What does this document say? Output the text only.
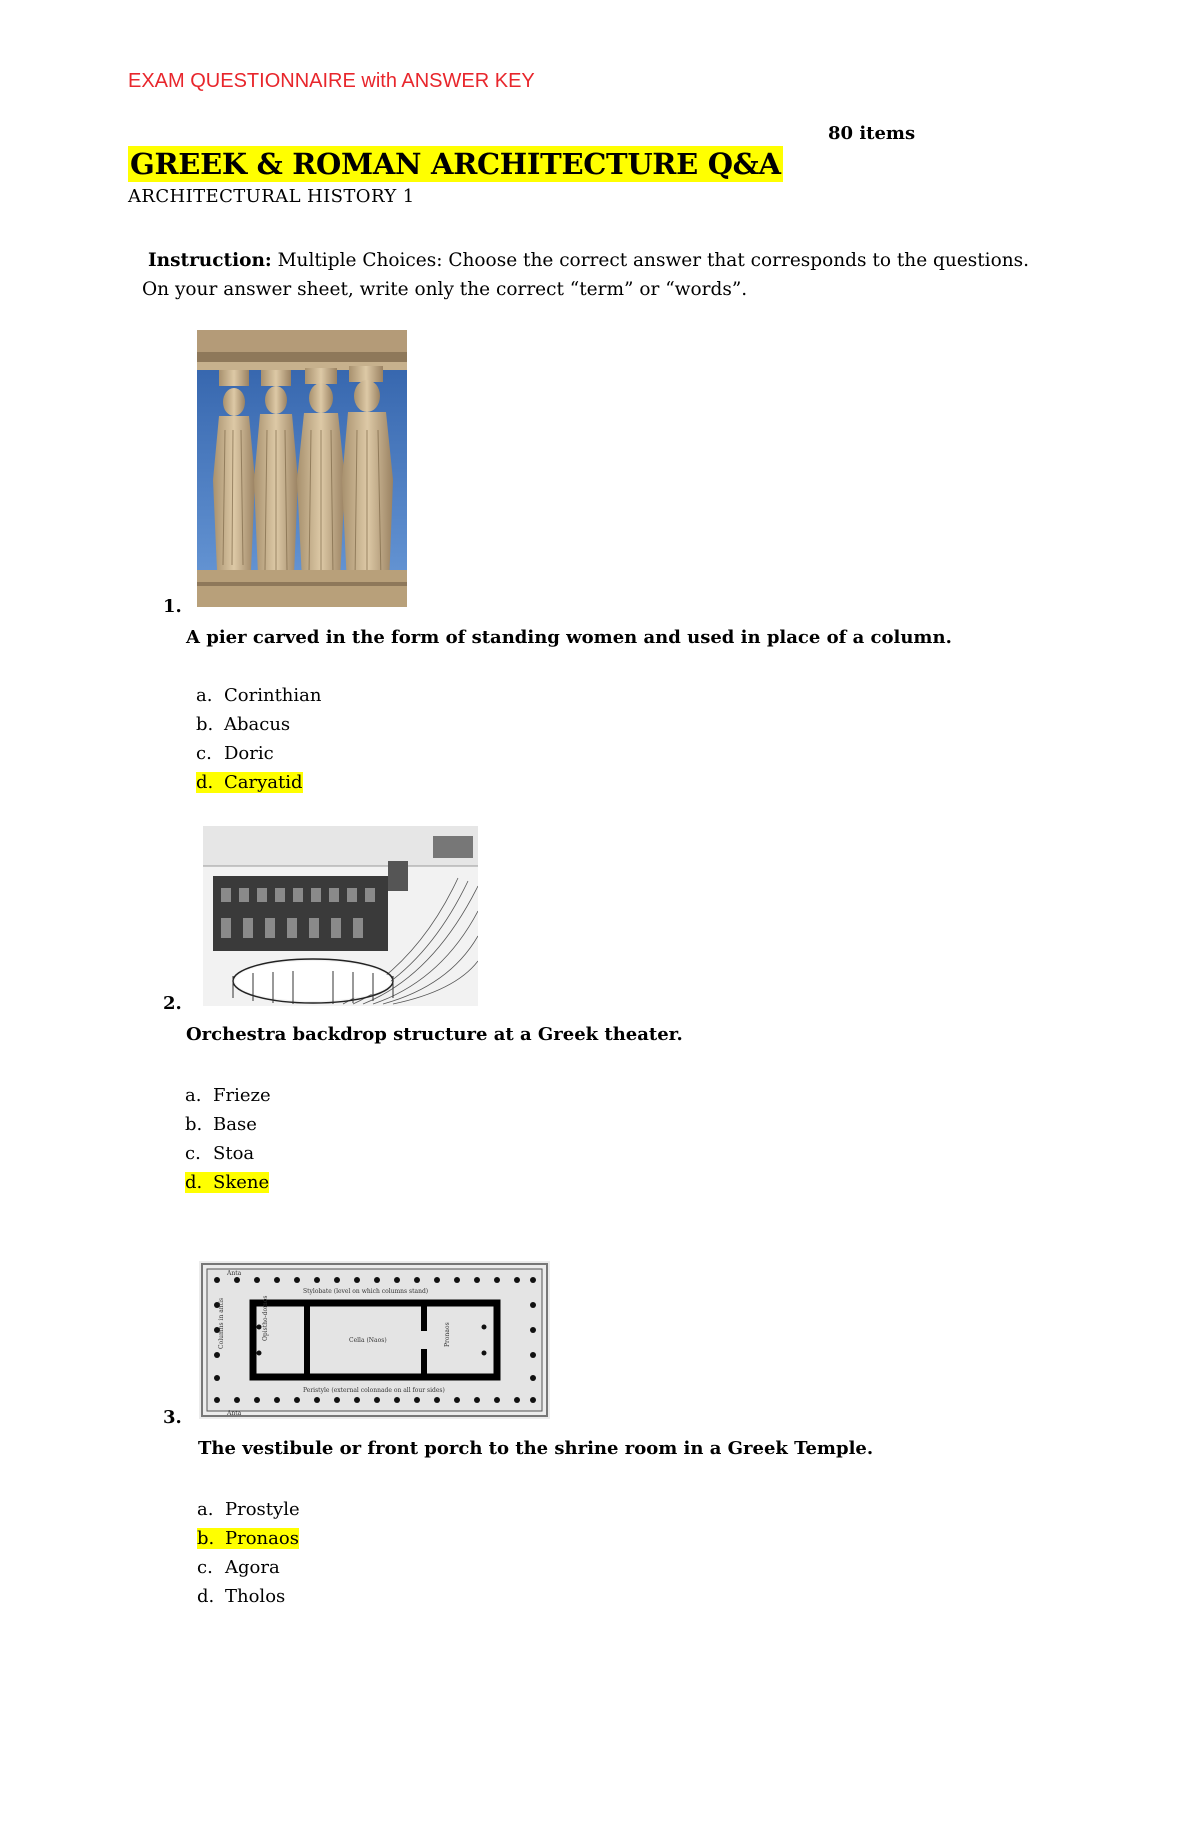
EXAM QUESTIONNAIRE with ANSWER KEY
80 items
GREEK & ROMAN ARCHITECTURE Q&A
ARCHITECTURAL HISTORY 1
Instruction: Multiple Choices: Choose the correct answer that corresponds to the questions.
On your answer sheet, write only the correct “term” or “words”.
1.
A pier carved in the form of standing women and used in place of a column.
a. Corinthian
b. Abacus
c. Doric
d. Caryatid
2.
Orchestra backdrop structure at a Greek theater.
a. Frieze
b. Base
c. Stoa
d. Skene
Anta
Anta
Stylobate (level on which columns stand)
Peristyle (external colonnade on all four sides)
Cella (Naos)
Opistho-domos	Pronaos
Columns in antis
3.
The vestibule or front porch to the shrine room in a Greek Temple.
a. Prostyle
b. Pronaos
c. Agora
d. Tholos
